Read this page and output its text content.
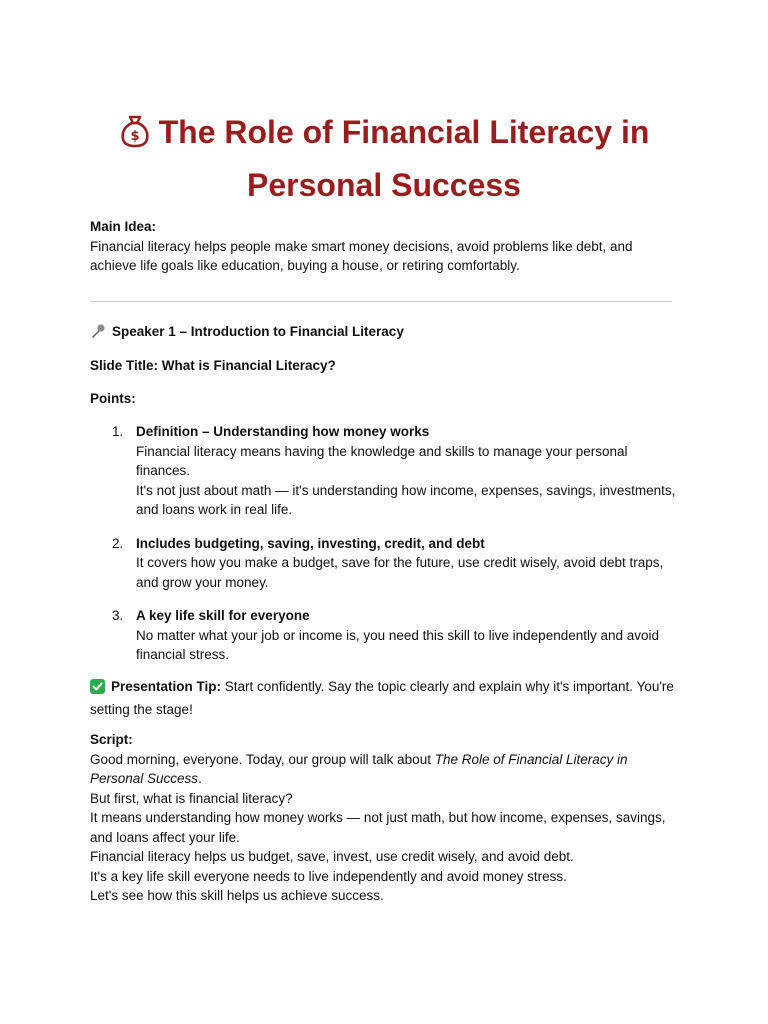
$ The Role of Financial Literacy in
Personal Success
Main Idea:
Financial literacy helps people make smart money decisions, avoid problems like debt, and achieve life goals like education, buying a house, or retiring comfortably.
Speaker 1 – Introduction to Financial Literacy
Slide Title: What is Financial Literacy?
Points:
1. Definition – Understanding how money works
Financial literacy means having the knowledge and skills to manage your personal finances.
It's not just about math — it's understanding how income, expenses, savings, investments, and loans work in real life.
2. Includes budgeting, saving, investing, credit, and debt
It covers how you make a budget, save for the future, use credit wisely, avoid debt traps, and grow your money.
3. A key life skill for everyone
No matter what your job or income is, you need this skill to live independently and avoid financial stress.
Presentation Tip: Start confidently. Say the topic clearly and explain why it's important. You're setting the stage!
Script:
Good morning, everyone. Today, our group will talk about The Role of Financial Literacy in Personal Success.
But first, what is financial literacy?
It means understanding how money works — not just math, but how income, expenses, savings, and loans affect your life.
Financial literacy helps us budget, save, invest, use credit wisely, and avoid debt.
It's a key life skill everyone needs to live independently and avoid money stress.
Let's see how this skill helps us achieve success.
